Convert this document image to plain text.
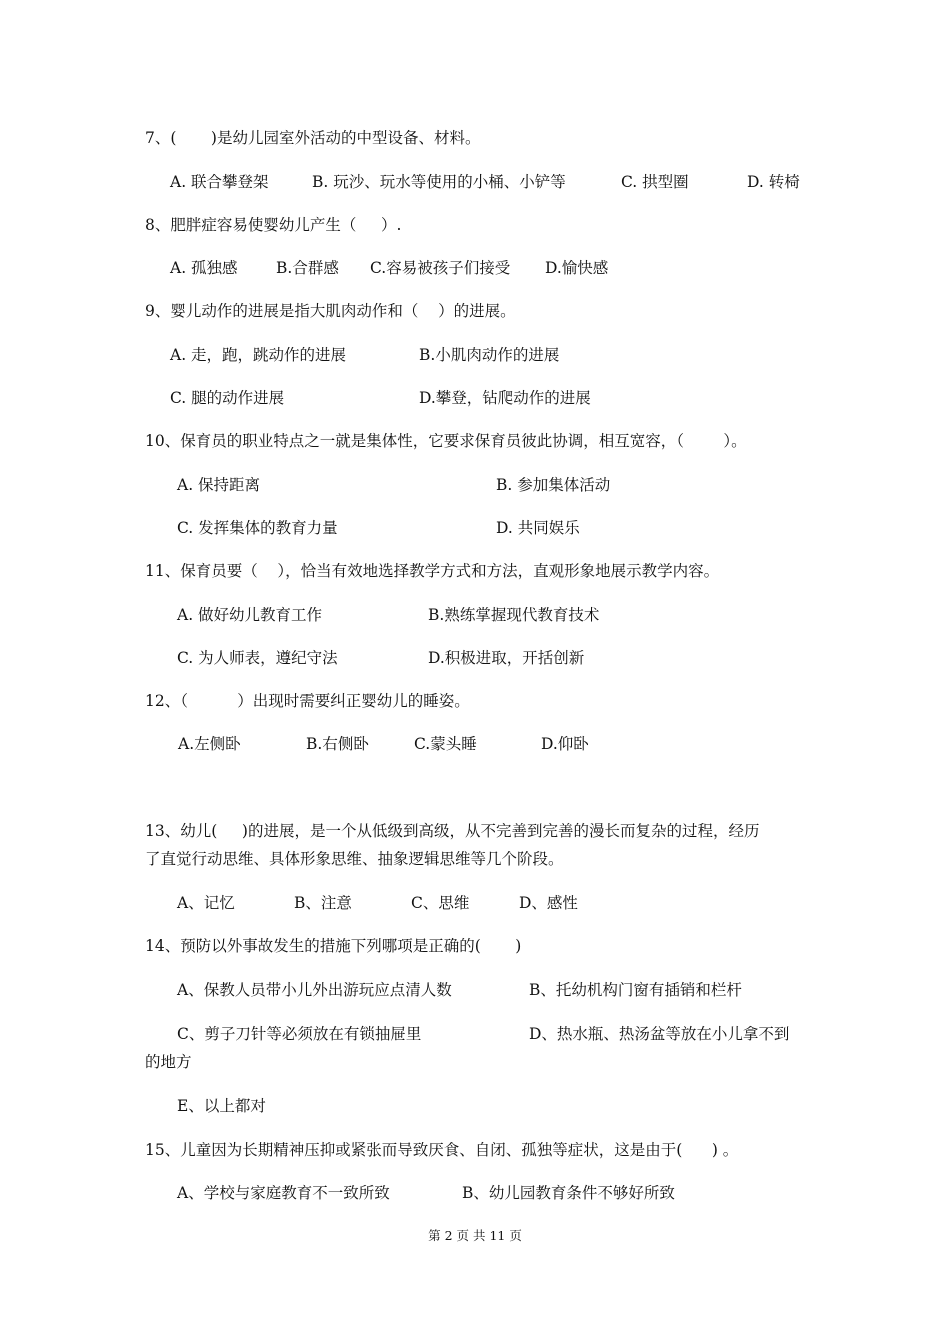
7、(       )是幼儿园室外活动的中型设备、材料。
A. 联合攀登架	B. 玩沙、玩水等使用的小桶、小铲等	C. 拱型圈	D. 转椅
8、肥胖症容易使婴幼儿产生（     ）.
A. 孤独感 B.合群感 C.容易被孩子们接受 D.愉快感
9、婴儿动作的进展是指大肌肉动作和（    ）的进展。
A. 走，跑，跳动作的进展	B.小肌肉动作的进展
C. 腿的动作进展	D.攀登，钻爬动作的进展
10、保育员的职业特点之一就是集体性，它要求保育员彼此协调，相互宽容，（        ）。
A. 保持距离	B. 参加集体活动
C. 发挥集体的教育力量	D. 共同娱乐
11、保育员要（    ），恰当有效地选择教学方式和方法，直观形象地展示教学内容。
A. 做好幼儿教育工作	B.熟练掌握现代教育技术
C. 为人师表，遵纪守法	D.积极进取，开括创新
12、（          ）出现时需要纠正婴幼儿的睡姿。
A.左侧卧	B.右侧卧	C.蒙头睡	D.仰卧
13、幼儿(     )的进展，是一个从低级到高级，从不完善到完善的漫长而复杂的过程，经历
了直觉行动思维、具体形象思维、抽象逻辑思维等几个阶段。
A、记忆	B、注意	C、思维	D、感性
14、预防以外事故发生的措施下列哪项是正确的(       )
A、保教人员带小儿外出游玩应点清人数	B、托幼机构门窗有插销和栏杆
C、剪子刀针等必须放在有锁抽屉里	D、热水瓶、热汤盆等放在小儿拿不到
的地方
E、以上都对
15、儿童因为长期精神压抑或紧张而导致厌食、自闭、孤独等症状，这是由于(      ) 。
A、学校与家庭教育不一致所致	B、幼儿园教育条件不够好所致
第 2 页 共 11 页
